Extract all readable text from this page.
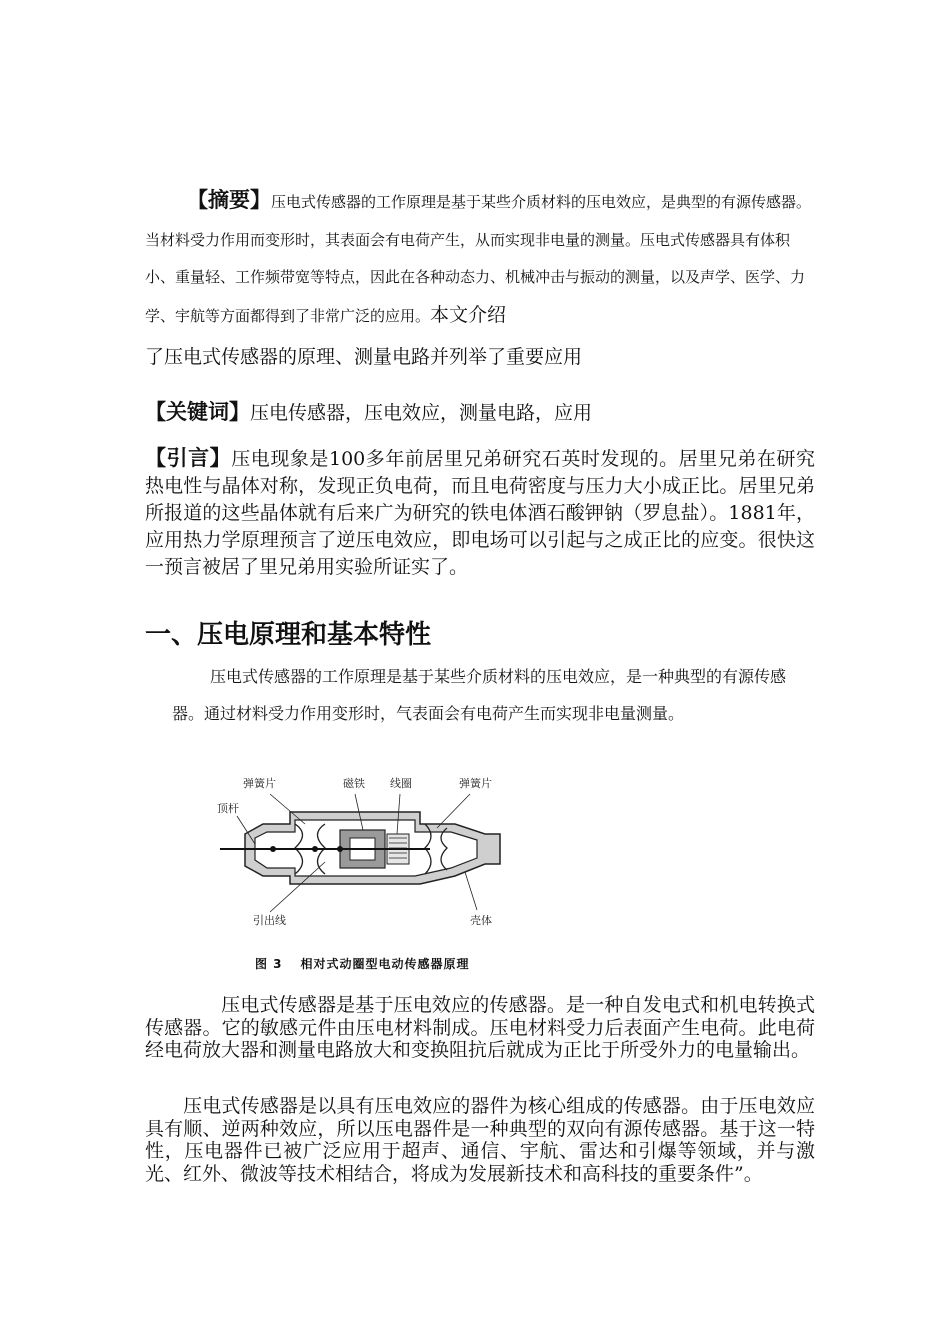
【摘要】压电式传感器的工作原理是基于某些介质材料的压电效应，是典型的有源传感器。当材料受力作用而变形时，其表面会有电荷产生，从而实现非电量的测量。压电式传感器具有体积小、重量轻、工作频带宽等特点，因此在各种动态力、机械冲击与振动的测量，以及声学、医学、力学、宇航等方面都得到了非常广泛的应用。本文介绍
了压电式传感器的原理、测量电路并列举了重要应用
【关键词】压电传感器，压电效应，测量电路，应用
【引言】压电现象是100多年前居里兄弟研究石英时发现的。居里兄弟在研究热电性与晶体对称，发现正负电荷，而且电荷密度与压力大小成正比。居里兄弟所报道的这些晶体就有后来广为研究的铁电体酒石酸钾钠（罗息盐）。1881年，应用热力学原理预言了逆压电效应，即电场可以引起与之成正比的应变。很快这一预言被居了里兄弟用实验所证实了。
一、压电原理和基本特性
压电式传感器的工作原理是基于某些介质材料的压电效应，是一种典型的有源传感器。通过材料受力作用变形时，气表面会有电荷产生而实现非电量测量。
弹簧片	磁铁 线圈	弹簧片
顶杆
引出线	壳体
图 3 相对式动圈型电动传感器原理
压电式传感器是基于压电效应的传感器。是一种自发电式和机电转换式传感器。它的敏感元件由压电材料制成。压电材料受力后表面产生电荷。此电荷经电荷放大器和测量电路放大和变换阻抗后就成为正比于所受外力的电量输出。
压电式传感器是以具有压电效应的器件为核心组成的传感器。由于压电效应具有顺、逆两种效应，所以压电器件是一种典型的双向有源传感器。基于这一特性，压电器件已被广泛应用于超声、通信、宇航、雷达和引爆等领域，并与激光、红外、微波等技术相结合，将成为发展新技术和高科技的重要条件”。
